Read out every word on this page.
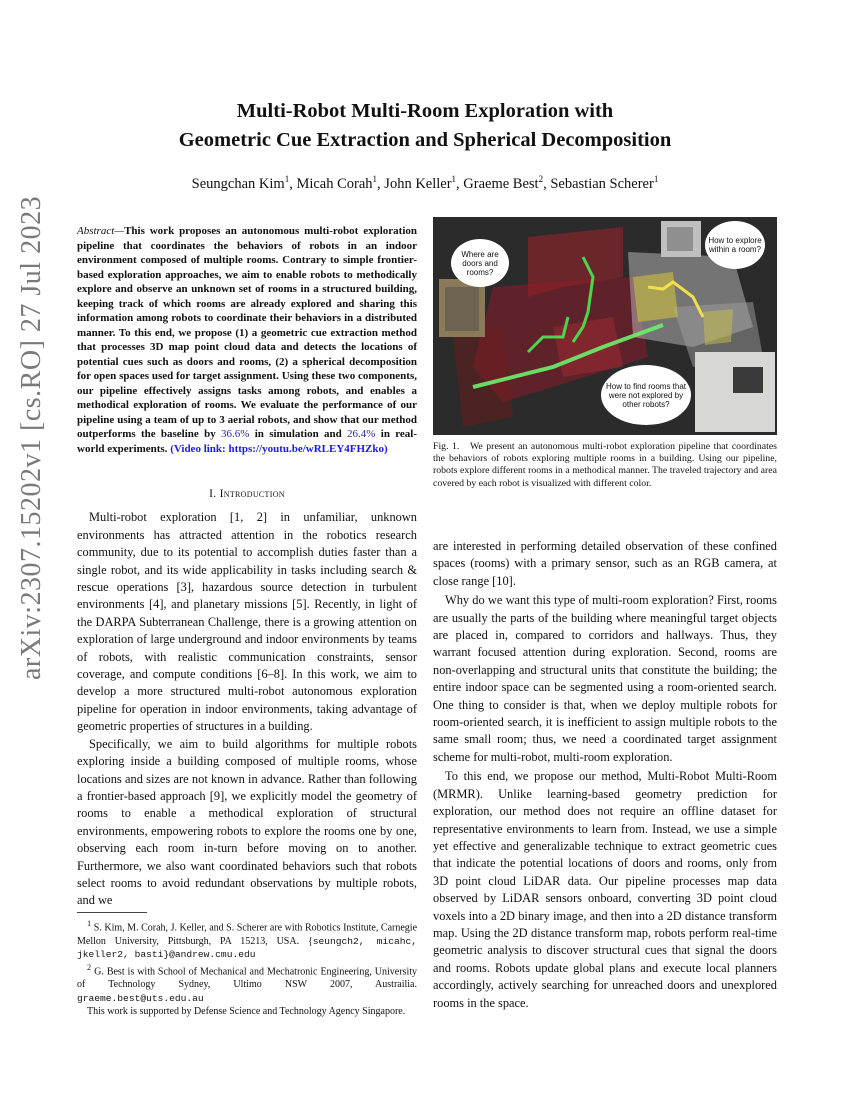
arXiv:2307.15202v1 [cs.RO] 27 Jul 2023
Multi-Robot Multi-Room Exploration with
Geometric Cue Extraction and Spherical Decomposition
Seungchan Kim$^1$, Micah Corah$^1$, John Keller$^1$, Graeme Best$^2$, Sebastian Scherer$^1$
Abstract—This work proposes an autonomous multi-robot exploration pipeline that coordinates the behaviors of robots in an indoor environment composed of multiple rooms. Contrary to simple frontier-based exploration approaches, we aim to enable robots to methodically explore and observe an unknown set of rooms in a structured building, keeping track of which rooms are already explored and sharing this information among robots to coordinate their behaviors in a distributed manner. To this end, we propose (1) a geometric cue extraction method that processes 3D map point cloud data and detects the locations of potential cues such as doors and rooms, (2) a spherical decomposition for open spaces used for target assignment. Using these two components, our pipeline effectively assigns tasks among robots, and enables a methodical exploration of rooms. We evaluate the performance of our pipeline using a team of up to 3 aerial robots, and show that our method outperforms the baseline by 36.6% in simulation and 26.4% in real-world experiments. (Video link: https://youtu.be/wRLEY4FHZko)
I. Introduction

Multi-robot exploration [1, 2] in unfamiliar, unknown environments has attracted attention in the robotics research community, due to its potential to accomplish duties faster than a single robot, and its wide applicability in tasks including search & rescue operations [3], hazardous source detection in turbulent environments [4], and planetary missions [5]. Recently, in light of the DARPA Subterranean Challenge, there is a growing attention on exploration of large underground and indoor environments by teams of robots, with realistic communication constraints, sensor coverage, and compute conditions [6–8]. In this work, we aim to develop a more structured multi-robot autonomous exploration pipeline for operation in indoor environments, taking advantage of geometric properties of structures in a building.

Specifically, we aim to build algorithms for multiple robots exploring inside a building composed of multiple rooms, whose locations and sizes are not known in advance. Rather than following a frontier-based approach [9], we explicitly model the geometry of rooms to enable a methodical exploration of structural environments, empowering robots to explore the rooms one by one, observing each room in-turn before moving on to another. Furthermore, we also want coordinated behaviors such that robots select rooms to avoid redundant observations by multiple robots, and we

$^1$ S. Kim, M. Corah, J. Keller, and S. Scherer are with Robotics Institute, Carnegie Mellon University, Pittsburgh, PA 15213, USA. {seungch2, micahc, jkeller2, basti}@andrew.cmu.edu

$^2$ G. Best is with School of Mechanical and Mechatronic Engineering, University of Technology Sydney, Ultimo NSW 2007, Austrailia. graeme.best@uts.edu.au

This work is supported by Defense Science and Technology Agency Singapore.

Where are doors and rooms?
How to explore within a room?
How to find rooms that were not explored by other robots?
Fig. 1. We present an autonomous multi-robot exploration pipeline that coordinates the behaviors of robots exploring multiple rooms in a building. Using our pipeline, robots explore different rooms in a methodical manner. The traveled trajectory and area covered by each robot is visualized with different color.

are interested in performing detailed observation of these confined spaces (rooms) with a primary sensor, such as an RGB camera, at close range [10].

Why do we want this type of multi-room exploration? First, rooms are usually the parts of the building where meaningful target objects are placed in, compared to corridors and hallways. Thus, they warrant focused attention during exploration. Second, rooms are non-overlapping and structural units that constitute the building; the entire indoor space can be segmented using a room-oriented search. One thing to consider is that, when we deploy multiple robots for room-oriented search, it is inefficient to assign multiple robots to the same small room; thus, we need a coordinated target assignment scheme for multi-robot, multi-room exploration.

To this end, we propose our method, Multi-Robot Multi-Room (MRMR). Unlike learning-based geometry prediction for exploration, our method does not require an offline dataset for representative environments to learn from. Instead, we use a simple yet effective and generalizable technique to extract geometric cues that indicate the potential locations of doors and rooms, only from 3D point cloud LiDAR data. Our pipeline processes map data observed by LiDAR sensors onboard, converting 3D point cloud voxels into a 2D binary image, and then into a 2D distance transform map. Using the 2D distance transform map, robots perform real-time geometric analysis to discover structural cues that signal the doors and rooms. Robots update global plans and execute local planners accordingly, actively searching for unreached doors and unexplored rooms in the space.
